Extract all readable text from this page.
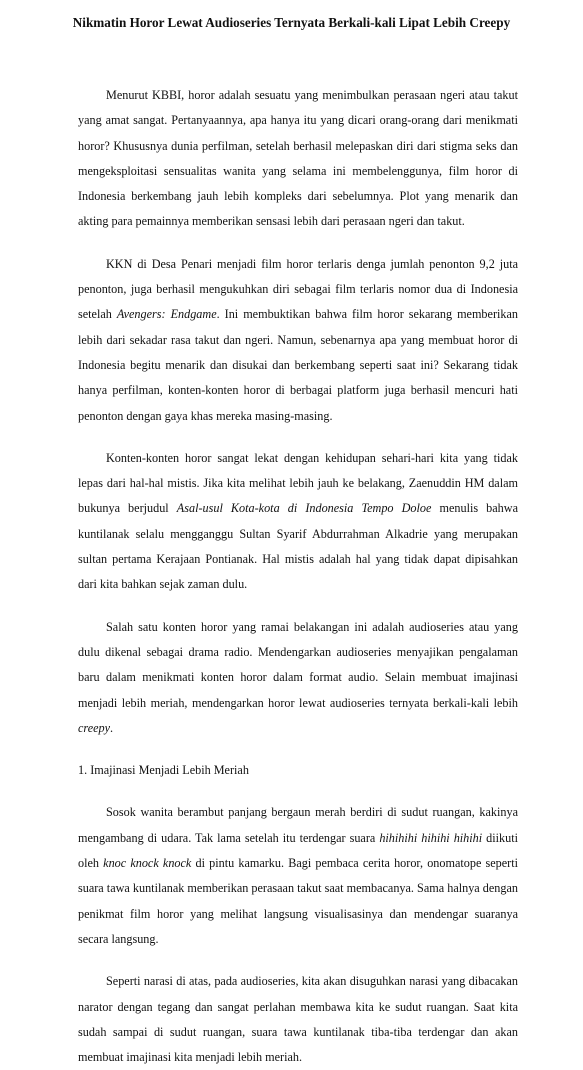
Nikmatin Horor Lewat Audioseries Ternyata Berkali-kali Lipat Lebih Creepy

Menurut KBBI, horor adalah sesuatu yang menimbulkan perasaan ngeri atau takut yang amat sangat. Pertanyaannya, apa hanya itu yang dicari orang-orang dari menikmati horor? Khususnya dunia perfilman, setelah berhasil melepaskan diri dari stigma seks dan mengeksploitasi sensualitas wanita yang selama ini membelenggunya, film horor di Indonesia berkembang jauh lebih kompleks dari sebelumnya. Plot yang menarik dan akting para pemainnya memberikan sensasi lebih dari perasaan ngeri dan takut.

KKN di Desa Penari menjadi film horor terlaris denga jumlah penonton 9,2 juta penonton, juga berhasil mengukuhkan diri sebagai film terlaris nomor dua di Indonesia setelah Avengers: Endgame. Ini membuktikan bahwa film horor sekarang memberikan lebih dari sekadar rasa takut dan ngeri. Namun, sebenarnya apa yang membuat horor di Indonesia begitu menarik dan disukai dan berkembang seperti saat ini? Sekarang tidak hanya perfilman, konten-konten horor di berbagai platform juga berhasil mencuri hati penonton dengan gaya khas mereka masing-masing.

Konten-konten horor sangat lekat dengan kehidupan sehari-hari kita yang tidak lepas dari hal-hal mistis. Jika kita melihat lebih jauh ke belakang, Zaenuddin HM dalam bukunya berjudul Asal-usul Kota-kota di Indonesia Tempo Doloe menulis bahwa kuntilanak selalu mengganggu Sultan Syarif Abdurrahman Alkadrie yang merupakan sultan pertama Kerajaan Pontianak. Hal mistis adalah hal yang tidak dapat dipisahkan dari kita bahkan sejak zaman dulu.

Salah satu konten horor yang ramai belakangan ini adalah audioseries atau yang dulu dikenal sebagai drama radio. Mendengarkan audioseries menyajikan pengalaman baru dalam menikmati konten horor dalam format audio. Selain membuat imajinasi menjadi lebih meriah, mendengarkan horor lewat audioseries ternyata berkali-kali lebih creepy.

1. Imajinasi Menjadi Lebih Meriah

Sosok wanita berambut panjang bergaun merah berdiri di sudut ruangan, kakinya mengambang di udara. Tak lama setelah itu terdengar suara hihihihi hihihi hihihi diikuti oleh knoc knock knock di pintu kamarku. Bagi pembaca cerita horor, onomatope seperti suara tawa kuntilanak memberikan perasaan takut saat membacanya. Sama halnya dengan penikmat film horor yang melihat langsung visualisasinya dan mendengar suaranya secara langsung.

Seperti narasi di atas, pada audioseries, kita akan disuguhkan narasi yang dibacakan narator dengan tegang dan sangat perlahan membawa kita ke sudut ruangan. Saat kita sudah sampai di sudut ruangan, suara tawa kuntilanak tiba-tiba terdengar dan akan membuat imajinasi kita menjadi lebih meriah.
